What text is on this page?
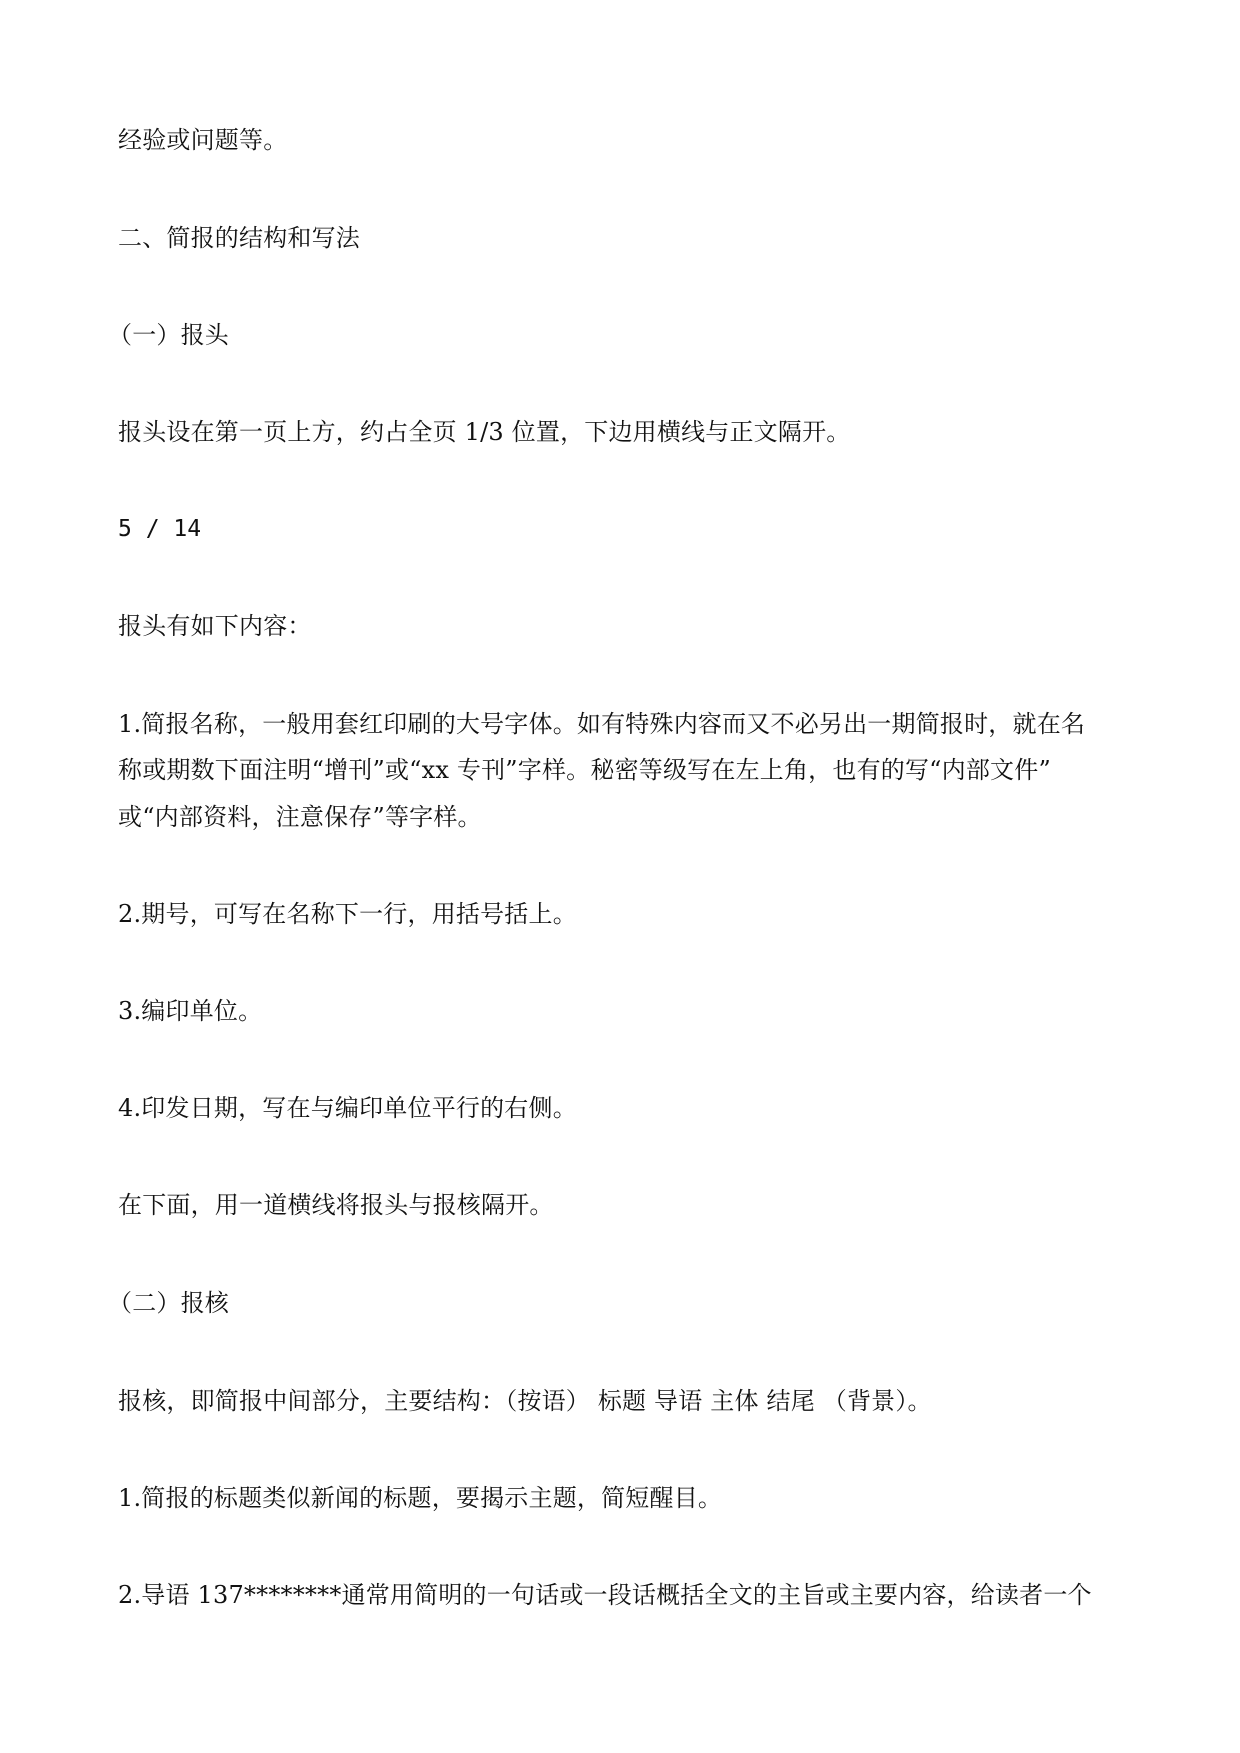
经验或问题等。

二、简报的结构和写法

（一）报头

报头设在第一页上方，约占全页 1/3 位置，下边用横线与正文隔开。

5 / 14

报头有如下内容：

1.简报名称，一般用套红印刷的大号字体。如有特殊内容而又不必另出一期简报时，就在名

称或期数下面注明“增刊”或“xx 专刊”字样。秘密等级写在左上角，也有的写“内部文件”

或“内部资料，注意保存”等字样。

2.期号，可写在名称下一行，用括号括上。

3.编印单位。

4.印发日期，写在与编印单位平行的右侧。

在下面，用一道横线将报头与报核隔开。

（二）报核

报核，即简报中间部分，主要结构：（按语） 标题 导语 主体 结尾 （背景）。

1.简报的标题类似新闻的标题，要揭示主题，简短醒目。

2.导语 137********通常用简明的一句话或一段话概括全文的主旨或主要内容，给读者一个
